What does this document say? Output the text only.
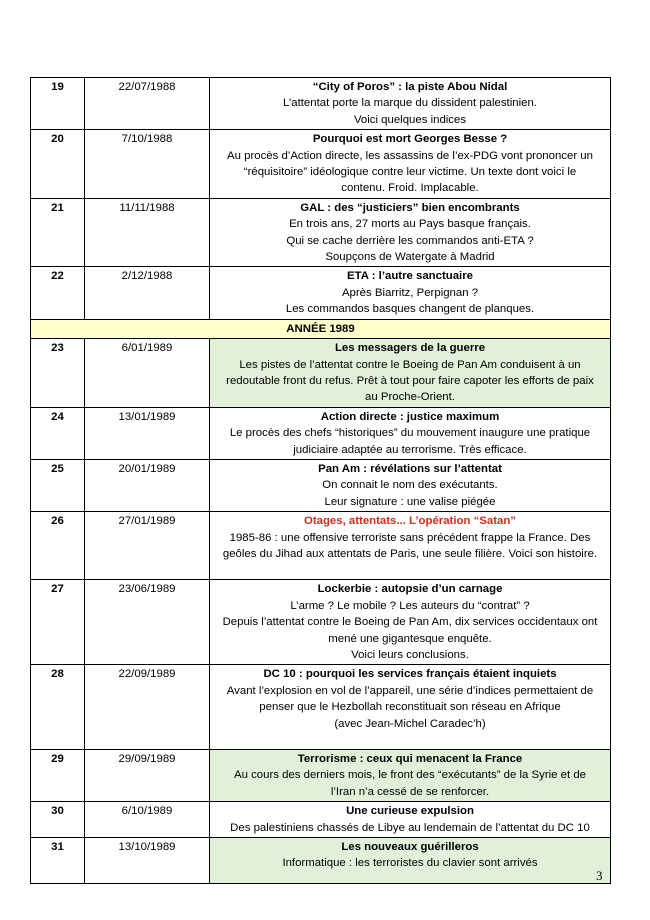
19	22/07/1988	“City of Poros” : la piste Abou Nidal
L’attentat porte la marque du dissident palestinien.
Voici quelques indices

20	7/10/1988	Pourquoi est mort Georges Besse ?
Au procès d’Action directe, les assassins de l’ex-PDG vont prononcer un
“réquisitoire” idéologique contre leur victime. Un texte dont voici le
contenu. Froid. Implacable.

21	11/11/1988	GAL : des “justiciers” bien encombrants
En trois ans, 27 morts au Pays basque français.
Qui se cache derrière les commandos anti-ETA ?
Soupçons de Watergate à Madrid

22	2/12/1988	ETA : l’autre sanctuaire
Après Biarritz, Perpignan ?
Les commandos basques changent de planques.

ANNÉE 1989		
23	6/01/1989	Les messagers de la guerre
Les pistes de l’attentat contre le Boeing de Pan Am conduisent à un
redoutable front du refus. Prêt à tout pour faire capoter les efforts de paix
au Proche-Orient.

24	13/01/1989	Action directe : justice maximum
Le procès des chefs “historiques” du mouvement inaugure une pratique
judiciaire adaptée au terrorisme. Très efficace.

25	20/01/1989	Pan Am : révélations sur l’attentat
On connait le nom des exécutants.
Leur signature : une valise piégée

26	27/01/1989	Otages, attentats... L’opération “Satan”
1985-86 : une offensive terroriste sans précédent frappe la France. Des
geôles du Jihad aux attentats de Paris, une seule filière. Voici son histoire.

27	23/06/1989	Lockerbie : autopsie d’un carnage
L’arme ? Le mobile ? Les auteurs du “contrat” ?
Depuis l’attentat contre le Boeing de Pan Am, dix services occidentaux ont
mené une gigantesque enquête.
Voici leurs conclusions.

28	22/09/1989	DC 10 : pourquoi les services français étaient inquiets
Avant l’explosion en vol de l’appareil, une série d’indices permettaient de
penser que le Hezbollah reconstituait son réseau en Afrique
(avec Jean-Michel Caradec’h)

29	29/09/1989	Terrorisme : ceux qui menacent la France
Au cours des derniers mois, le front des “exécutants” de la Syrie et de
l’Iran n’a cessé de se renforcer.

30	6/10/1989	Une curieuse expulsion
Des palestiniens chassés de Libye au lendemain de l’attentat du DC 10

31	13/10/1989	Les nouveaux guérilleros
Informatique : les terroristes du clavier sont arrivés
3
